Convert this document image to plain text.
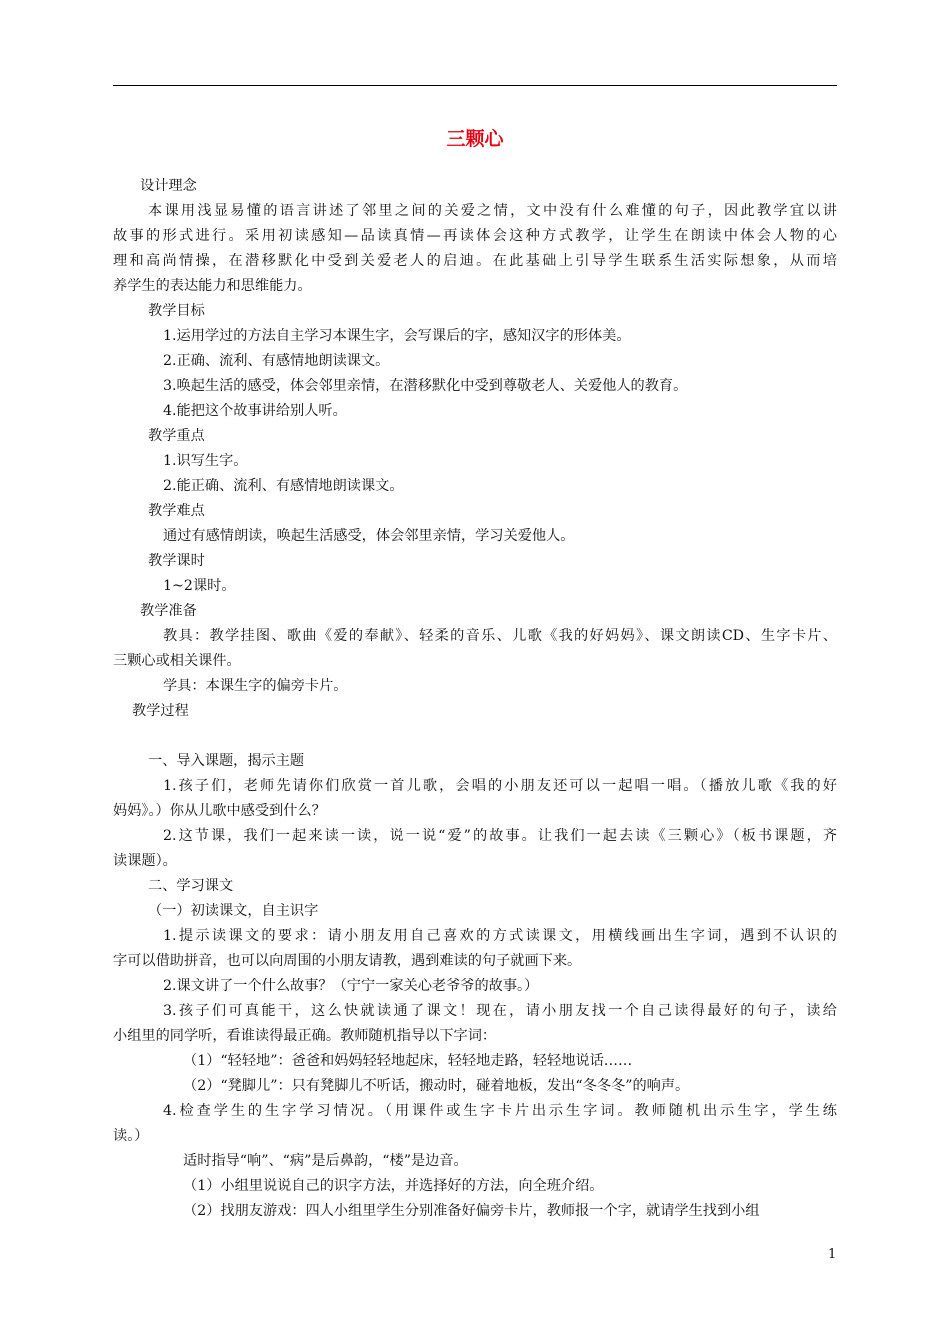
三颗心

设计理念

本课用浅显易懂的语言讲述了邻里之间的关爱之情，文中没有什么难懂的句子，因此教学宜以讲

故事的形式进行。采用初读感知—品读真情—再读体会这种方式教学，让学生在朗读中体会人物的心

理和高尚情操，在潜移默化中受到关爱老人的启迪。在此基础上引导学生联系生活实际想象，从而培

养学生的表达能力和思维能力。

教学目标

1.运用学过的方法自主学习本课生字，会写课后的字，感知汉字的形体美。

2.正确、流利、有感情地朗读课文。

3.唤起生活的感受，体会邻里亲情，在潜移默化中受到尊敬老人、关爱他人的教育。

4.能把这个故事讲给别人听。

教学重点

1.识写生字。

2.能正确、流利、有感情地朗读课文。

教学难点

通过有感情朗读，唤起生活感受，体会邻里亲情，学习关爱他人。

教学课时

1~2课时。

教学准备

教具：教学挂图、歌曲《爱的奉献》、轻柔的音乐、儿歌《我的好妈妈》、课文朗读CD、生字卡片、

三颗心或相关课件。

学具：本课生字的偏旁卡片。

教学过程

一、导入课题，揭示主题

1.孩子们，老师先请你们欣赏一首儿歌，会唱的小朋友还可以一起唱一唱。（播放儿歌《我的好

妈妈》。）你从儿歌中感受到什么？

2.这节课，我们一起来读一读，说一说“爱”的故事。让我们一起去读《三颗心》（板书课题，齐

读课题）。

二、学习课文

（一）初读课文，自主识字

1.提示读课文的要求：请小朋友用自己喜欢的方式读课文，用横线画出生字词，遇到不认识的

字可以借助拼音，也可以向周围的小朋友请教，遇到难读的句子就画下来。

2.课文讲了一个什么故事？（宁宁一家关心老爷爷的故事。）

3.孩子们可真能干，这么快就读通了课文！现在，请小朋友找一个自己读得最好的句子，读给

小组里的同学听，看谁读得最正确。教师随机指导以下字词：

（1）“轻轻地”：爸爸和妈妈轻轻地起床，轻轻地走路，轻轻地说话……

（2）“凳脚儿”：只有凳脚儿不听话，搬动时，碰着地板，发出“冬冬冬”的响声。

4.检查学生的生字学习情况。（用课件或生字卡片出示生字词。教师随机出示生字，学生练

读。）

适时指导“响”、“病”是后鼻韵，“楼”是边音。

（1）小组里说说自己的识字方法，并选择好的方法，向全班介绍。

（2）找朋友游戏：四人小组里学生分别准备好偏旁卡片，教师报一个字，就请学生找到小组

1
